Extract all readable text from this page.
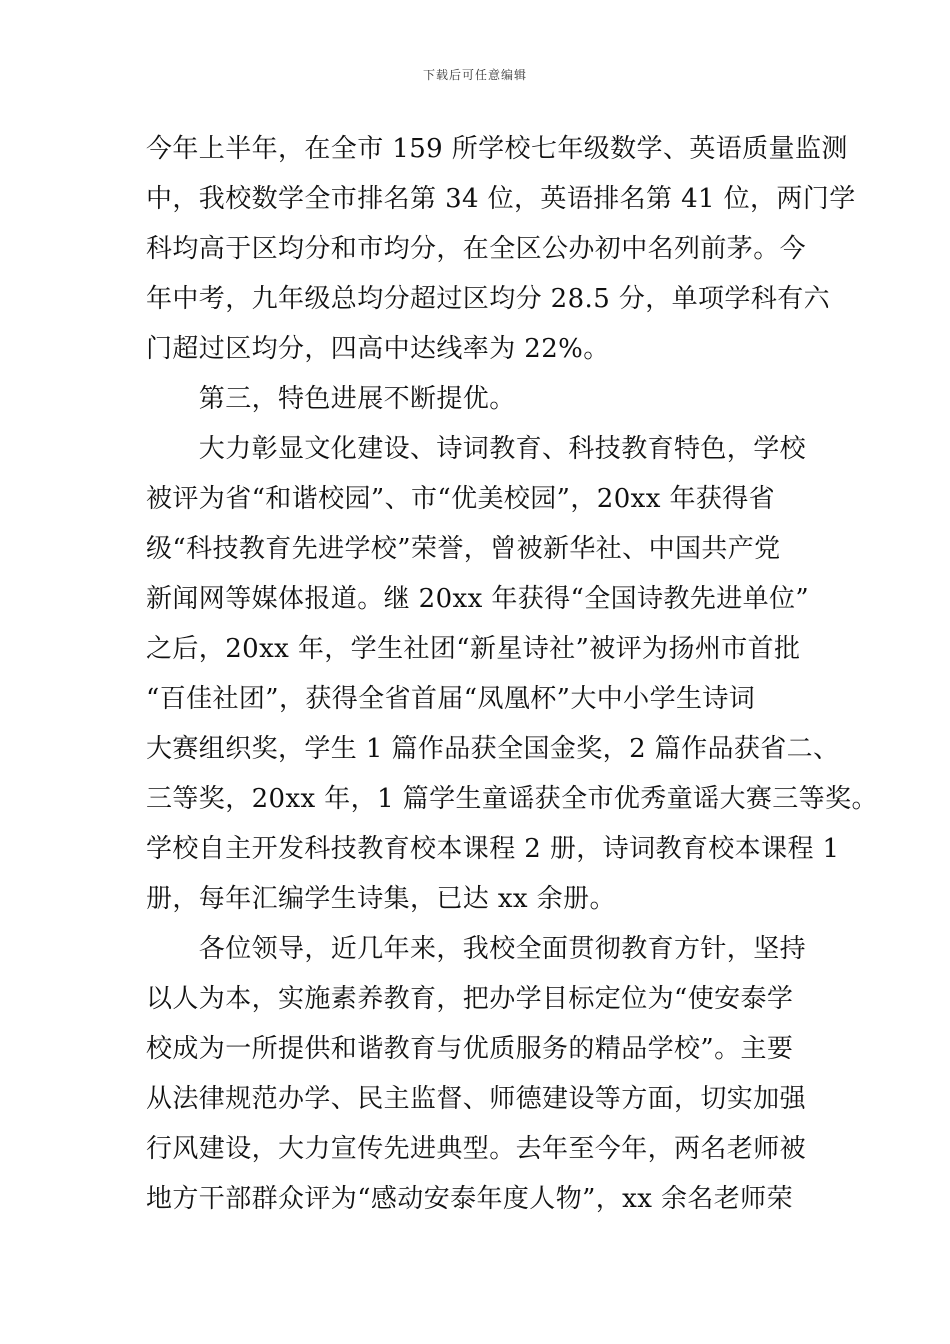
下载后可任意编辑
今年上半年，在全市 159 所学校七年级数学、英语质量监测
中，我校数学全市排名第 34 位，英语排名第 41 位，两门学
科均高于区均分和市均分，在全区公办初中名列前茅。今
年中考，九年级总均分超过区均分 28.5 分，单项学科有六
门超过区均分，四高中达线率为 22%。
　　第三，特色进展不断提优。
　　大力彰显文化建设、诗词教育、科技教育特色，学校
被评为省“和谐校园”、市“优美校园”，20xx 年获得省
级“科技教育先进学校”荣誉，曾被新华社、中国共产党
新闻网等媒体报道。继 20xx 年获得“全国诗教先进单位”
之后，20xx 年，学生社团“新星诗社”被评为扬州市首批
“百佳社团”，获得全省首届“凤凰杯”大中小学生诗词
大赛组织奖，学生 1 篇作品获全国金奖，2 篇作品获省二、
三等奖，20xx 年，1 篇学生童谣获全市优秀童谣大赛三等奖。
学校自主开发科技教育校本课程 2 册，诗词教育校本课程 1
册，每年汇编学生诗集，已达 xx 余册。
　　各位领导，近几年来，我校全面贯彻教育方针，坚持
以人为本，实施素养教育，把办学目标定位为“使安泰学
校成为一所提供和谐教育与优质服务的精品学校”。主要
从法律规范办学、民主监督、师德建设等方面，切实加强
行风建设，大力宣传先进典型。去年至今年，两名老师被
地方干部群众评为“感动安泰年度人物”，xx 余名老师荣
